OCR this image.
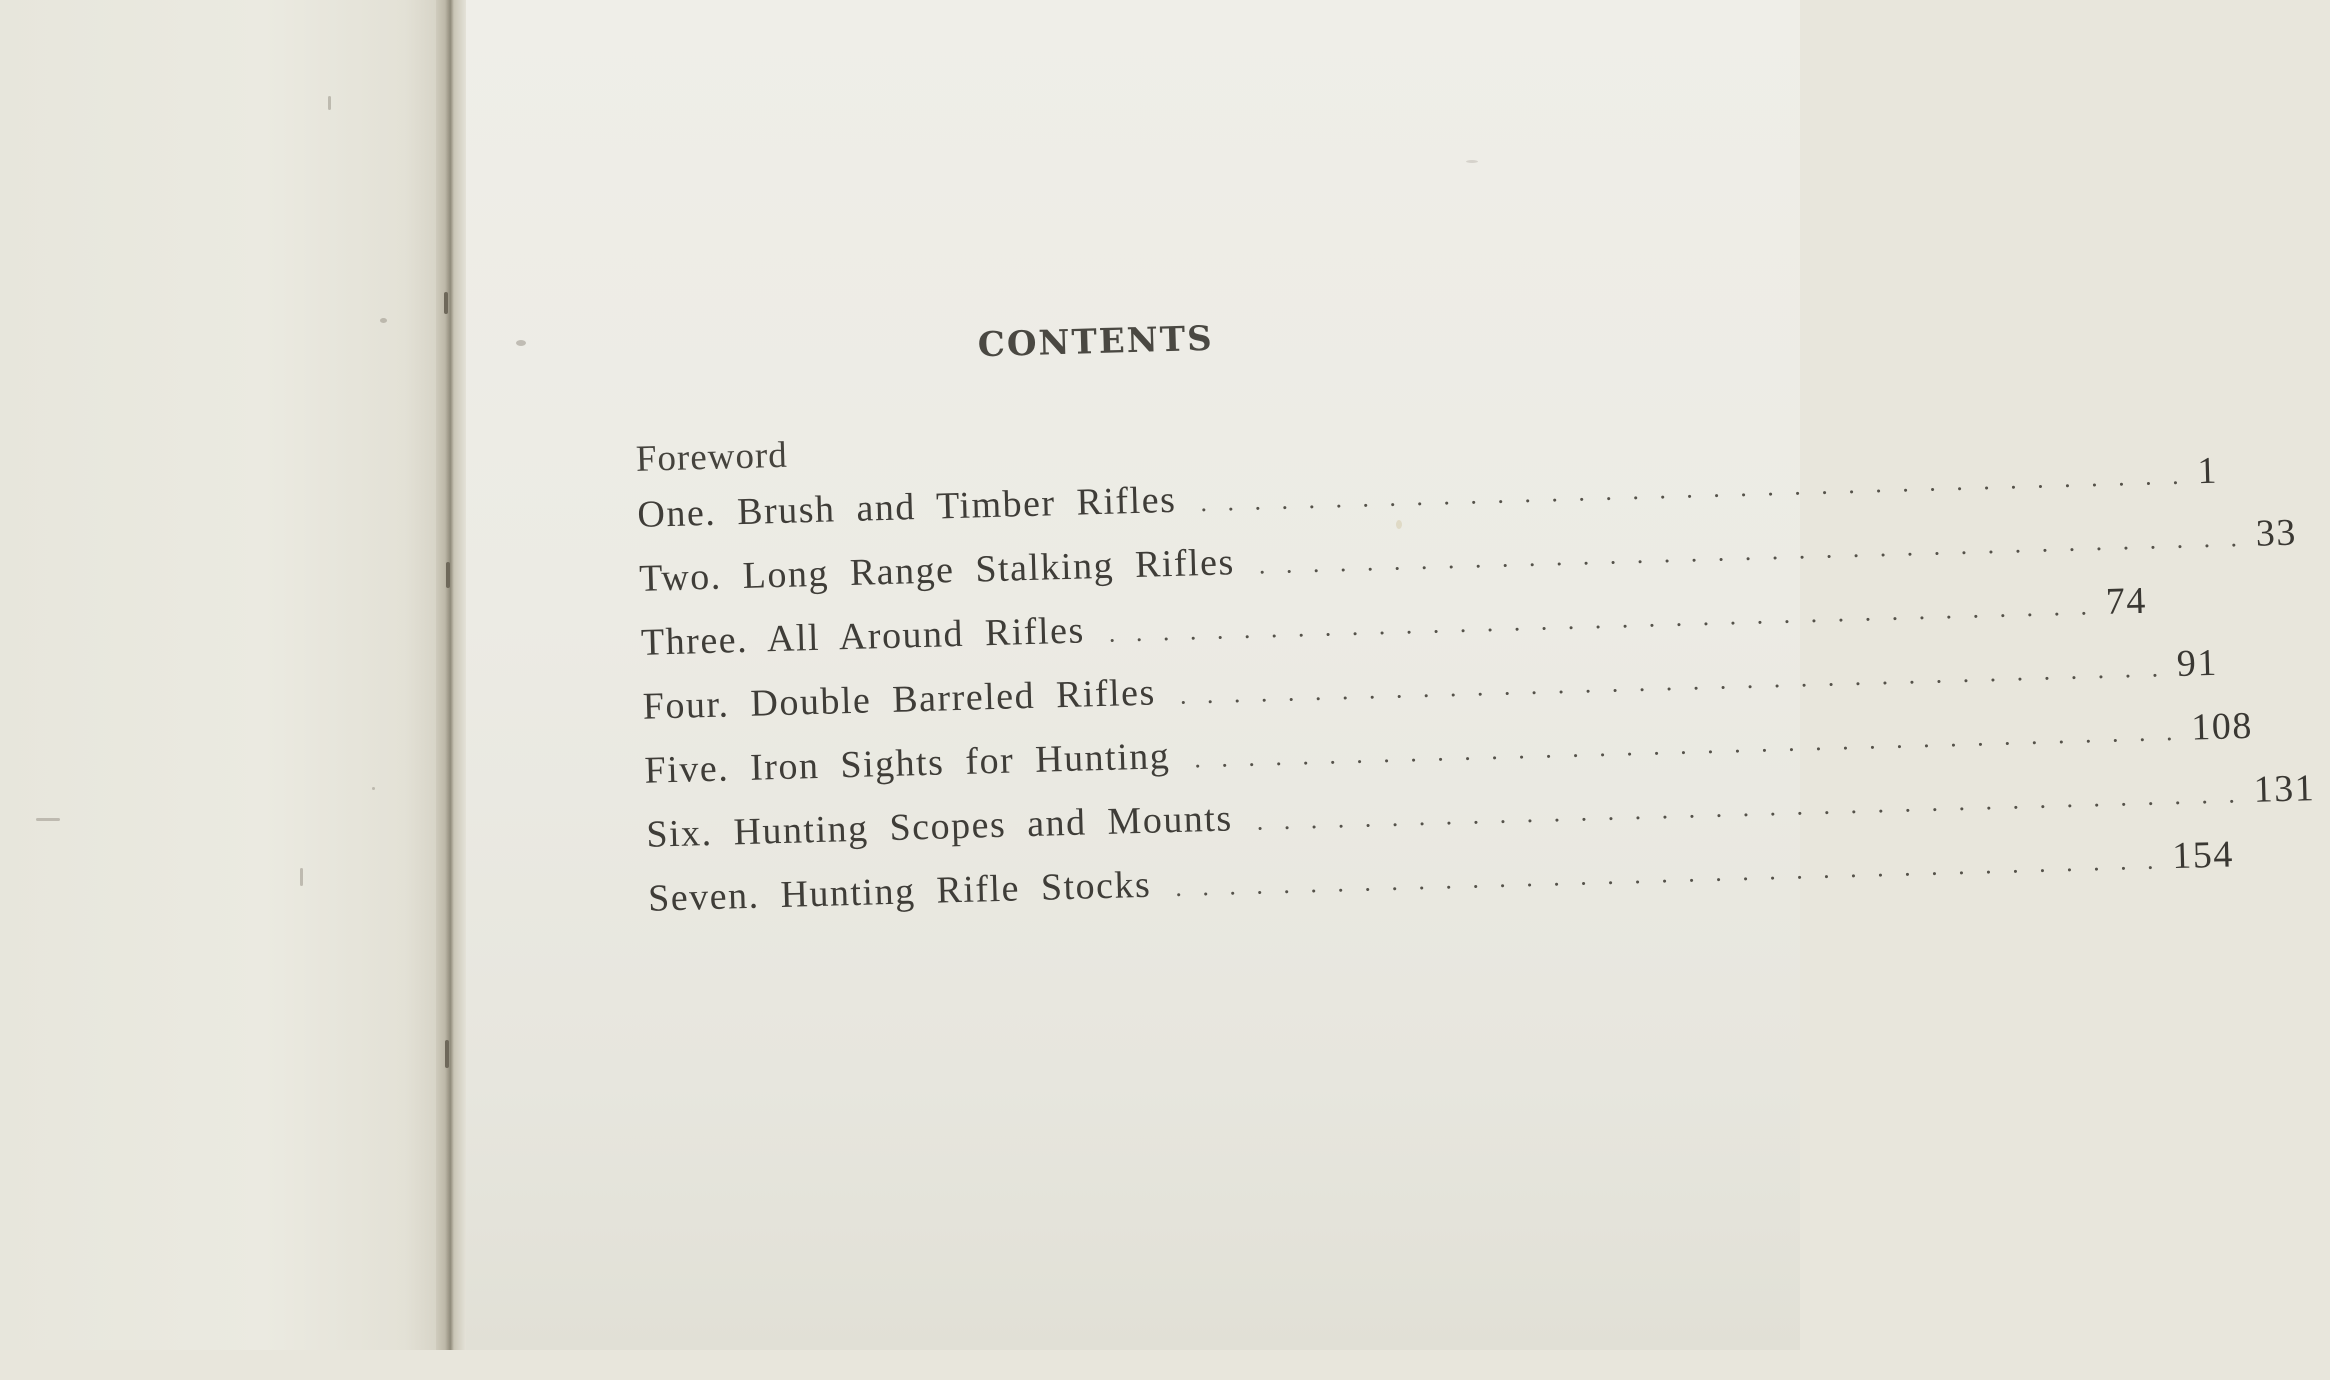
CONTENTS
Foreword
One. Brush and Timber Rifles . . . . . . . . . . . . . . . . . . . . . . . . . . . . . . . . . . . . . 1
Two. Long Range Stalking Rifles . . . . . . . . . . . . . . . . . . . . . . . . . . . . . . . . . . . . . 33
Three. All Around Rifles . . . . . . . . . . . . . . . . . . . . . . . . . . . . . . . . . . . . . 74
Four. Double Barreled Rifles . . . . . . . . . . . . . . . . . . . . . . . . . . . . . . . . . . . . . 91
Five. Iron Sights for Hunting . . . . . . . . . . . . . . . . . . . . . . . . . . . . . . . . . . . . . 108
Six. Hunting Scopes and Mounts . . . . . . . . . . . . . . . . . . . . . . . . . . . . . . . . . . . . . 131
Seven. Hunting Rifle Stocks . . . . . . . . . . . . . . . . . . . . . . . . . . . . . . . . . . . . . 154
